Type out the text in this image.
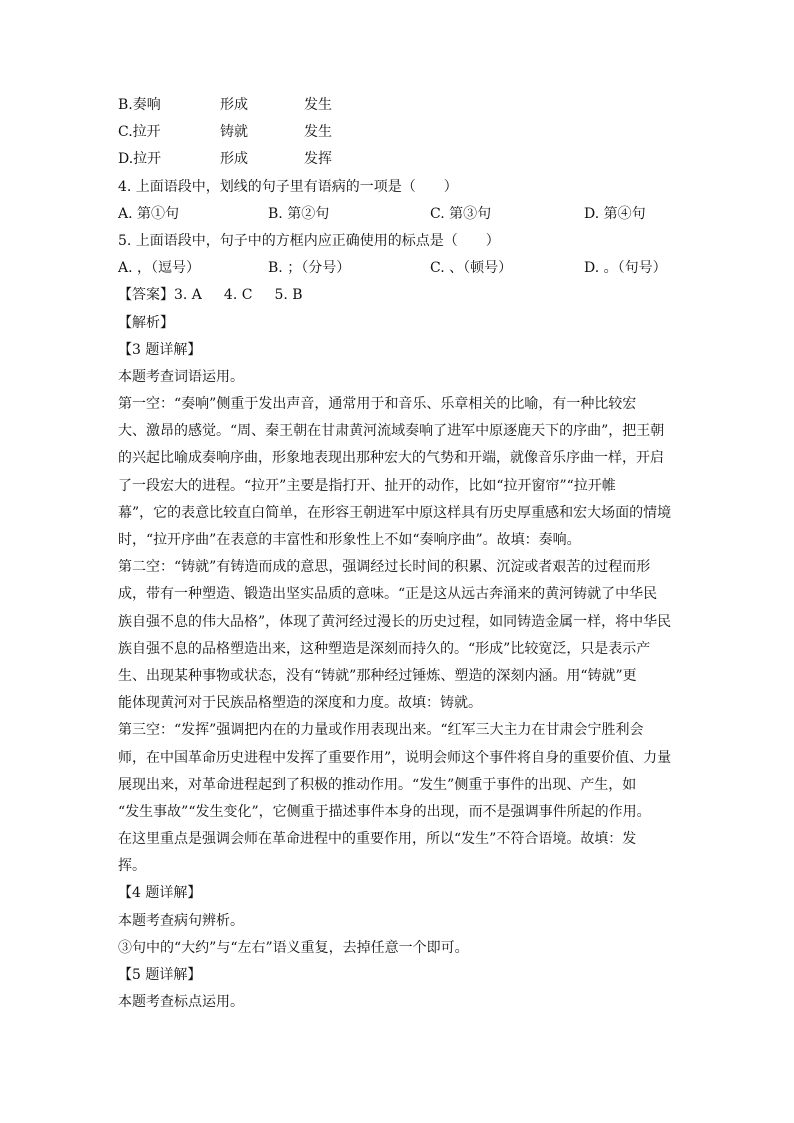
B.奏响	形成	发生
C.拉开	铸就	发生
D.拉开	形成	发挥
4. 上面语段中，划线的句子里有语病的一项是（　　）
A. 第①句	B. 第②句	C. 第③句	D. 第④句
5. 上面语段中，句子中的方框内应正确使用的标点是（　　）
A. ，（逗号）	B. ；（分号）	C. 、（顿号）	D. 。（句号）
【答案】3. A 4. C 5. B
【解析】
【3 题详解】
本题考查词语运用。
第一空：“奏响”侧重于发出声音，通常用于和音乐、乐章相关的比喻，有一种比较宏
大、激昂的感觉。“周、秦王朝在甘肃黄河流域奏响了进军中原逐鹿天下的序曲”，把王朝
的兴起比喻成奏响序曲，形象地表现出那种宏大的气势和开端，就像音乐序曲一样，开启
了一段宏大的进程。“拉开”主要是指打开、扯开的动作，比如“拉开窗帘”“拉开帷
幕”，它的表意比较直白简单，在形容王朝进军中原这样具有历史厚重感和宏大场面的情境
时，“拉开序曲”在表意的丰富性和形象性上不如“奏响序曲”。故填：奏响。
第二空：“铸就”有铸造而成的意思，强调经过长时间的积累、沉淀或者艰苦的过程而形
成，带有一种塑造、锻造出坚实品质的意味。“正是这从远古奔涌来的黄河铸就了中华民
族自强不息的伟大品格”，体现了黄河经过漫长的历史过程，如同铸造金属一样，将中华民
族自强不息的品格塑造出来，这种塑造是深刻而持久的。“形成”比较宽泛，只是表示产
生、出现某种事物或状态，没有“铸就”那种经过锤炼、塑造的深刻内涵。用“铸就”更
能体现黄河对于民族品格塑造的深度和力度。故填：铸就。
第三空：“发挥”强调把内在的力量或作用表现出来。“红军三大主力在甘肃会宁胜利会
师，在中国革命历史进程中发挥了重要作用”，说明会师这个事件将自身的重要价值、力量
展现出来，对革命进程起到了积极的推动作用。“发生”侧重于事件的出现、产生，如
“发生事故”“发生变化”，它侧重于描述事件本身的出现，而不是强调事件所起的作用。
在这里重点是强调会师在革命进程中的重要作用，所以“发生”不符合语境。故填：发
挥。
【4 题详解】
本题考查病句辨析。
③句中的“大约”与“左右”语义重复，去掉任意一个即可。
【5 题详解】
本题考查标点运用。
